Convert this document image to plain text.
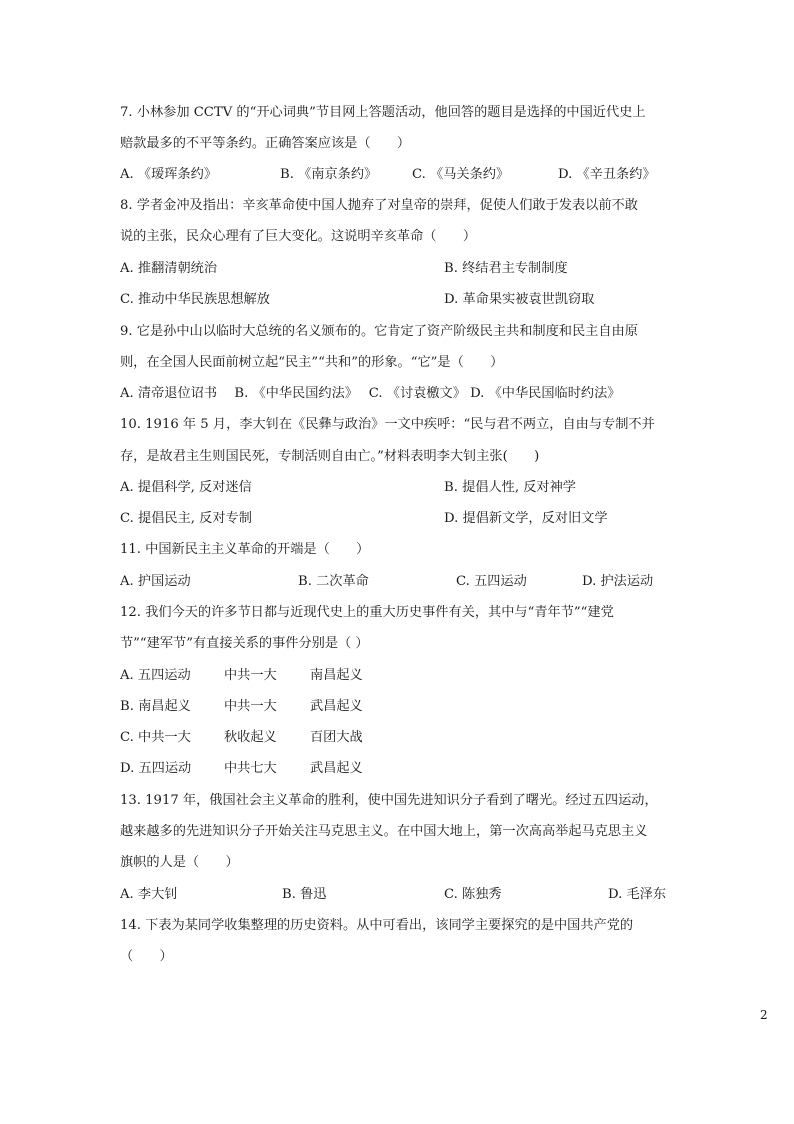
7. 小林参加 CCTV 的“开心词典”节目网上答题活动，他回答的题目是选择的中国近代史上
赔款最多的不平等条约。正确答案应该是（　　）
A. 《瑷珲条约》	B. 《南京条约》	C. 《马关条约》	D. 《辛丑条约》
8. 学者金冲及指出：辛亥革命使中国人抛弃了对皇帝的崇拜，促使人们敢于发表以前不敢
说的主张，民众心理有了巨大变化。这说明辛亥革命（　　）
A. 推翻清朝统治	B. 终结君主专制制度
C. 推动中华民族思想解放	D. 革命果实被袁世凯窃取
9. 它是孙中山以临时大总统的名义颁布的。它肯定了资产阶级民主共和制度和民主自由原
则，在全国人民面前树立起“民主”“共和”的形象。“它”是（　　）
A. 清帝退位诏书　 B. 《中华民国约法》　 C. 《讨袁檄文》 D. 《中华民国临时约法》
10. 1916 年 5 月，李大钊在《民彝与政治》一文中疾呼：“民与君不两立，自由与专制不并
存，是故君主生则国民死，专制活则自由亡。”材料表明李大钊主张(　　)
A. 提倡科学, 反对迷信	B. 提倡人性, 反对神学
C. 提倡民主, 反对专制	D. 提倡新文学，反对旧文学
11. 中国新民主主义革命的开端是（　　）
A. 护国运动	B. 二次革命	C. 五四运动	D. 护法运动
12. 我们今天的许多节日都与近现代史上的重大历史事件有关，其中与“青年节”“建党
节”“建军节”有直接关系的事件分别是（ ）
A. 五四运动	中共一大	南昌起义
B. 南昌起义	中共一大	武昌起义
C. 中共一大	秋收起义	百团大战
D. 五四运动 中共七大	武昌起义
13. 1917 年，俄国社会主义革命的胜利，使中国先进知识分子看到了曙光。经过五四运动，
越来越多的先进知识分子开始关注马克思主义。在中国大地上，第一次高高举起马克思主义
旗帜的人是（　　）
A. 李大钊	B. 鲁迅	C. 陈独秀	D. 毛泽东
14. 下表为某同学收集整理的历史资料。从中可看出，该同学主要探究的是中国共产党的
（　　）
2
